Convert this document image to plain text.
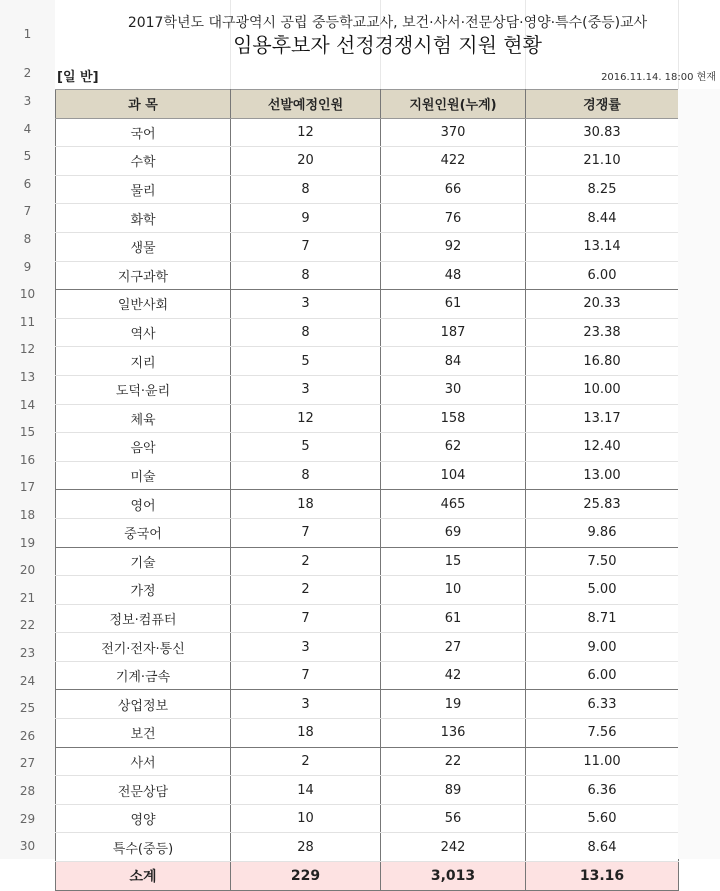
1
2
3
4
5
6
7
8
9
10
11
12
13
14
15
16
17
18
19
20
21
22
23
24
25
26
27
28
29
30
2017학년도 대구광역시 공립 중등학교교사, 보건·사서·전문상담·영양·특수(중등)교사
임용후보자 선정경쟁시험 지원 현황
[일 반]	2016.11.14. 18:00 현재
과 목	선발예정인원	지원인원(누계)	경쟁률
국어	12	370	30.83
수학	20	422	21.10
물리	8	66	8.25
화학	9	76	8.44
생물	7	92	13.14
지구과학	8	48	6.00
일반사회	3	61	20.33
역사	8	187	23.38
지리	5	84	16.80
도덕·윤리	3	30	10.00
체육	12	158	13.17
음악	5	62	12.40
미술	8	104	13.00
영어	18	465	25.83
중국어	7	69	9.86
기술	2	15	7.50
가정	2	10	5.00
정보·컴퓨터	7	61	8.71
전기·전자·통신	3	27	9.00
기계·금속	7	42	6.00
상업정보	3	19	6.33
보건	18	136	7.56
사서	2	22	11.00
전문상담	14	89	6.36
영양	10	56	5.60
특수(중등)	28	242	8.64
소계	229	3,013	13.16
